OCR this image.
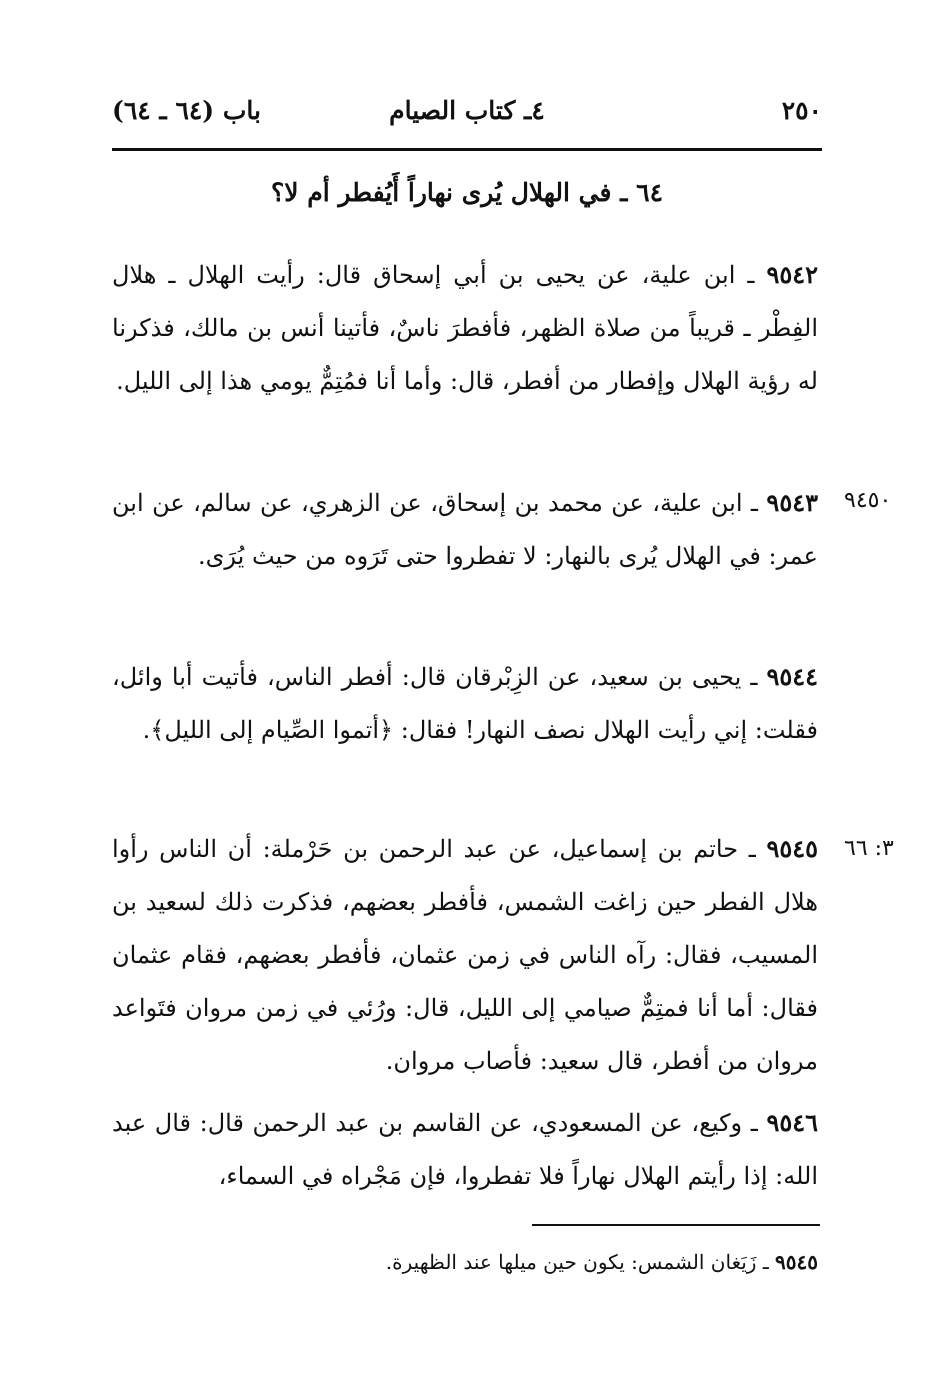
٢٥٠
٤ـ كتاب الصيام
باب (٦٤ ـ ٦٤)
٦٤ ـ في الهلال يُرى نهاراً أَيُفطر أم لا؟

٩٥٤٢ ـ ابن علية، عن يحيى بن أبي إسحاق قال: رأيت الهلال ـ هلال الفِطْر ـ قريباً من صلاة الظهر، فأفطرَ ناسٌ، فأتينا أنس بن مالك، فذكرنا له رؤية الهلال وإفطار من أفطر، قال: وأما أنا فمُتِمٌّ يومي هذا إلى الليل.

٩٤٥٠

٩٥٤٣ ـ ابن علية، عن محمد بن إسحاق، عن الزهري، عن سالم، عن ابن عمر: في الهلال يُرى بالنهار: لا تفطروا حتى تَرَوه من حيث يُرَى.

٩٥٤٤ ـ يحيى بن سعيد، عن الزِبْرقان قال: أفطر الناس، فأتيت أبا وائل، فقلت: إني رأيت الهلال نصف النهار! فقال: ﴿أتموا الصِّيام إلى الليل﴾.

٣: ٦٦

٩٥٤٥ ـ حاتم بن إسماعيل، عن عبد الرحمن بن حَرْملة: أن الناس رأوا هلال الفطر حين زاغت الشمس، فأفطر بعضهم، فذكرت ذلك لسعيد بن المسيب، فقال: رآه الناس في زمن عثمان، فأفطر بعضهم، فقام عثمان فقال: أما أنا فمتِمٌّ صيامي إلى الليل، قال: ورُئي في زمن مروان فتَواعد مروان من أفطر، قال سعيد: فأصاب مروان.

٩٥٤٦ ـ وكيع، عن المسعودي، عن القاسم بن عبد الرحمن قال: قال عبد الله: إذا رأيتم الهلال نهاراً فلا تفطروا، فإن مَجْراه في السماء،

٩٥٤٥ ـ زَيَغان الشمس: يكون حين ميلها عند الظهيرة.
